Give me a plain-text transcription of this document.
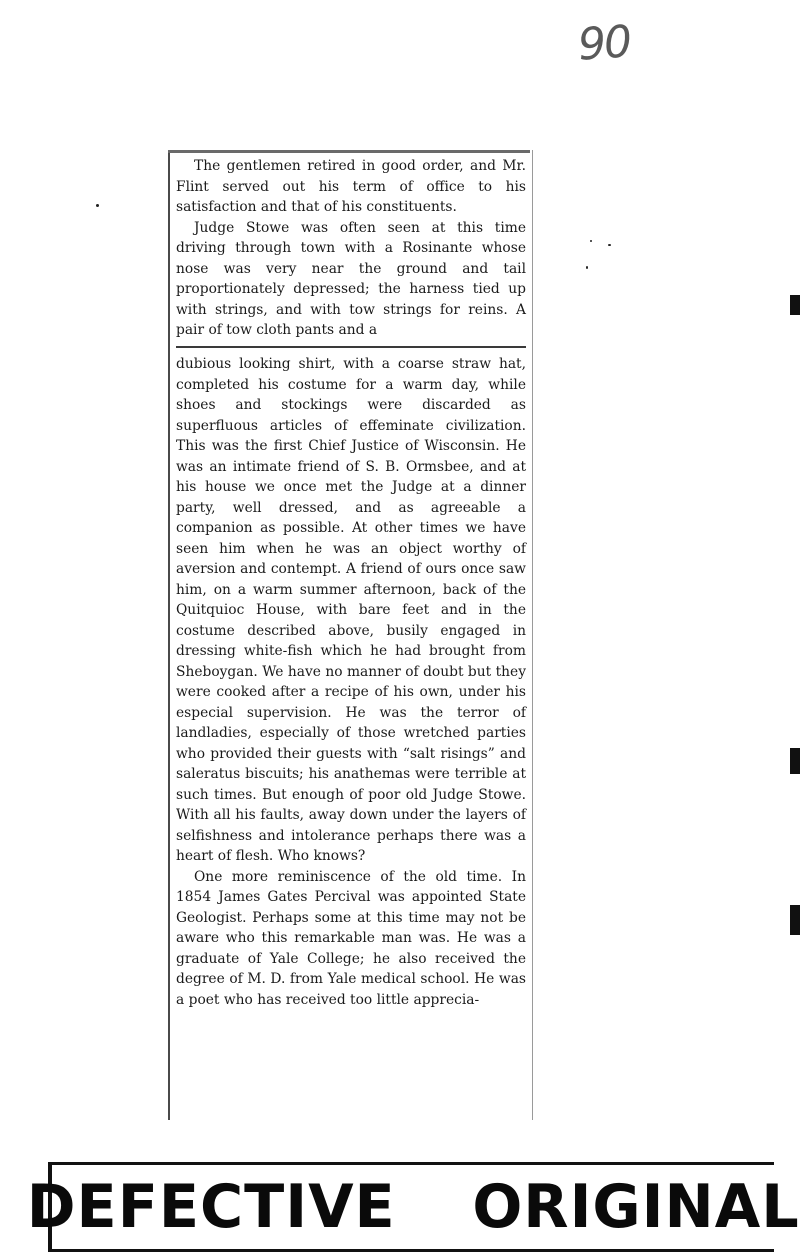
90

The gentlemen retired in good order, and Mr. Flint served out his term of office to his satisfaction and that of his constituents.

Judge Stowe was often seen at this time driving through town with a Rosinante whose nose was very near the ground and tail proportionately depressed; the harness tied up with strings, and with tow strings for reins. A pair of tow cloth pants and a

dubious looking shirt, with a coarse straw hat, completed his costume for a warm day, while shoes and stockings were discarded as superfluous articles of effeminate civilization. This was the first Chief Justice of Wisconsin. He was an intimate friend of S. B. Ormsbee, and at his house we once met the Judge at a dinner party, well dressed, and as agreeable a companion as possible. At other times we have seen him when he was an object worthy of aversion and contempt. A friend of ours once saw him, on a warm summer afternoon, back of the Quitquioc House, with bare feet and in the costume described above, busily engaged in dressing white-fish which he had brought from Sheboygan. We have no manner of doubt but they were cooked after a recipe of his own, under his especial supervision. He was the terror of landladies, especially of those wretched parties who provided their guests with “salt risings” and saleratus biscuits; his anathemas were terrible at such times. But enough of poor old Judge Stowe. With all his faults, away down under the layers of selfishness and intolerance perhaps there was a heart of flesh. Who knows?

One more reminiscence of the old time. In 1854 James Gates Percival was appointed State Geologist. Perhaps some at this time may not be aware who this remarkable man was. He was a graduate of Yale College; he also received the degree of M. D. from Yale medical school. He was a poet who has received too little apprecia-

DEFECTIVE ORIGINAL
